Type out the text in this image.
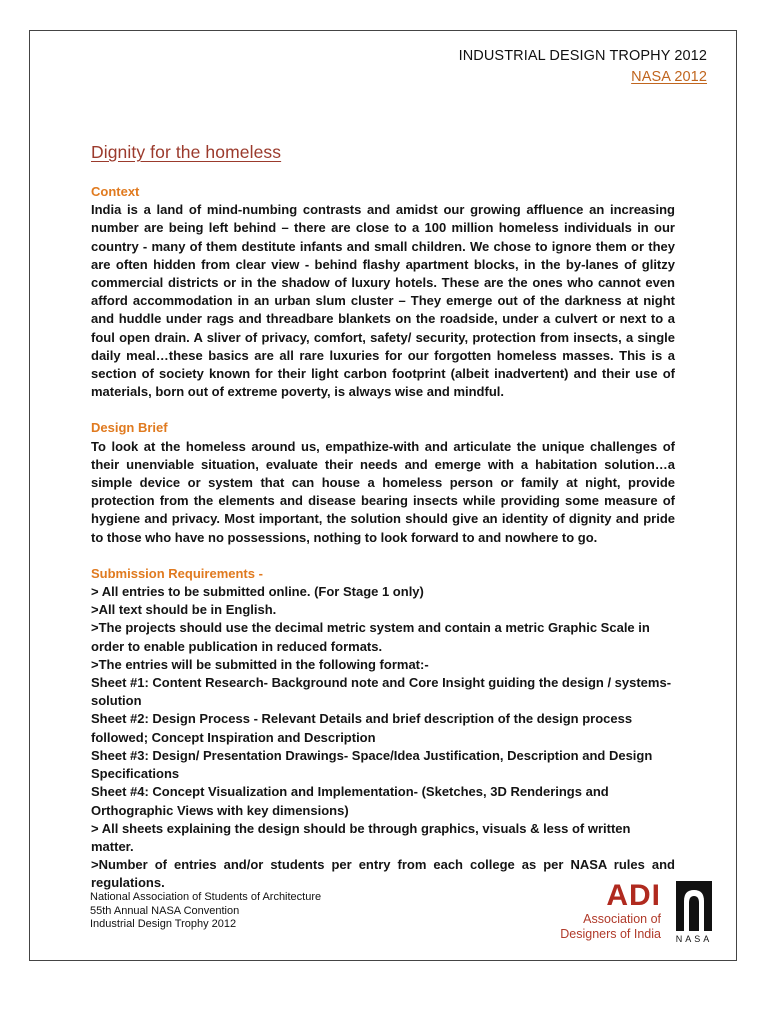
INDUSTRIAL DESIGN TROPHY 2012
NASA 2012
Dignity for the homeless

Context

India is a land of mind-numbing contrasts and amidst our growing affluence an increasing number are being left behind – there are close to a 100 million homeless individuals in our country - many of them destitute infants and small children. We chose to ignore them or they are often hidden from clear view - behind flashy apartment blocks, in the by-lanes of glitzy commercial districts or in the shadow of luxury hotels. These are the ones who cannot even afford accommodation in an urban slum cluster – They emerge out of the darkness at night and huddle under rags and threadbare blankets on the roadside, under a culvert or next to a foul open drain. A sliver of privacy, comfort, safety/ security, protection from insects, a single daily meal…these basics are all rare luxuries for our forgotten homeless masses. This is a section of society known for their light carbon footprint (albeit inadvertent) and their use of materials, born out of extreme poverty, is always wise and mindful.

Design Brief

To look at the homeless around us, empathize-with and articulate the unique challenges of their unenviable situation, evaluate their needs and emerge with a habitation solution…a simple device or system that can house a homeless person or family at night, provide protection from the elements and disease bearing insects while providing some measure of hygiene and privacy. Most important, the solution should give an identity of dignity and pride to those who have no possessions, nothing to look forward to and nowhere to go.

Submission Requirements -

> All entries to be submitted online. (For Stage 1 only)

>All text should be in English.

>The projects should use the decimal metric system and contain a metric Graphic Scale in order to enable publication in reduced formats.

>The entries will be submitted in the following format:-

Sheet #1: Content Research- Background note and Core Insight guiding the design / systems-solution

Sheet #2: Design Process - Relevant Details and brief description of the design process followed; Concept Inspiration and Description

Sheet #3: Design/ Presentation Drawings- Space/Idea Justification, Description and Design Specifications

Sheet #4: Concept Visualization and Implementation- (Sketches, 3D Renderings and Orthographic Views with key dimensions)

> All sheets explaining the design should be through graphics, visuals & less of written matter.

>Number of entries and/or students per entry from each college as per NASA rules and regulations.

National Association of Students of Architecture
55th Annual NASA Convention
Industrial Design Trophy 2012
ADI
Association of
Designers of India	NASA
